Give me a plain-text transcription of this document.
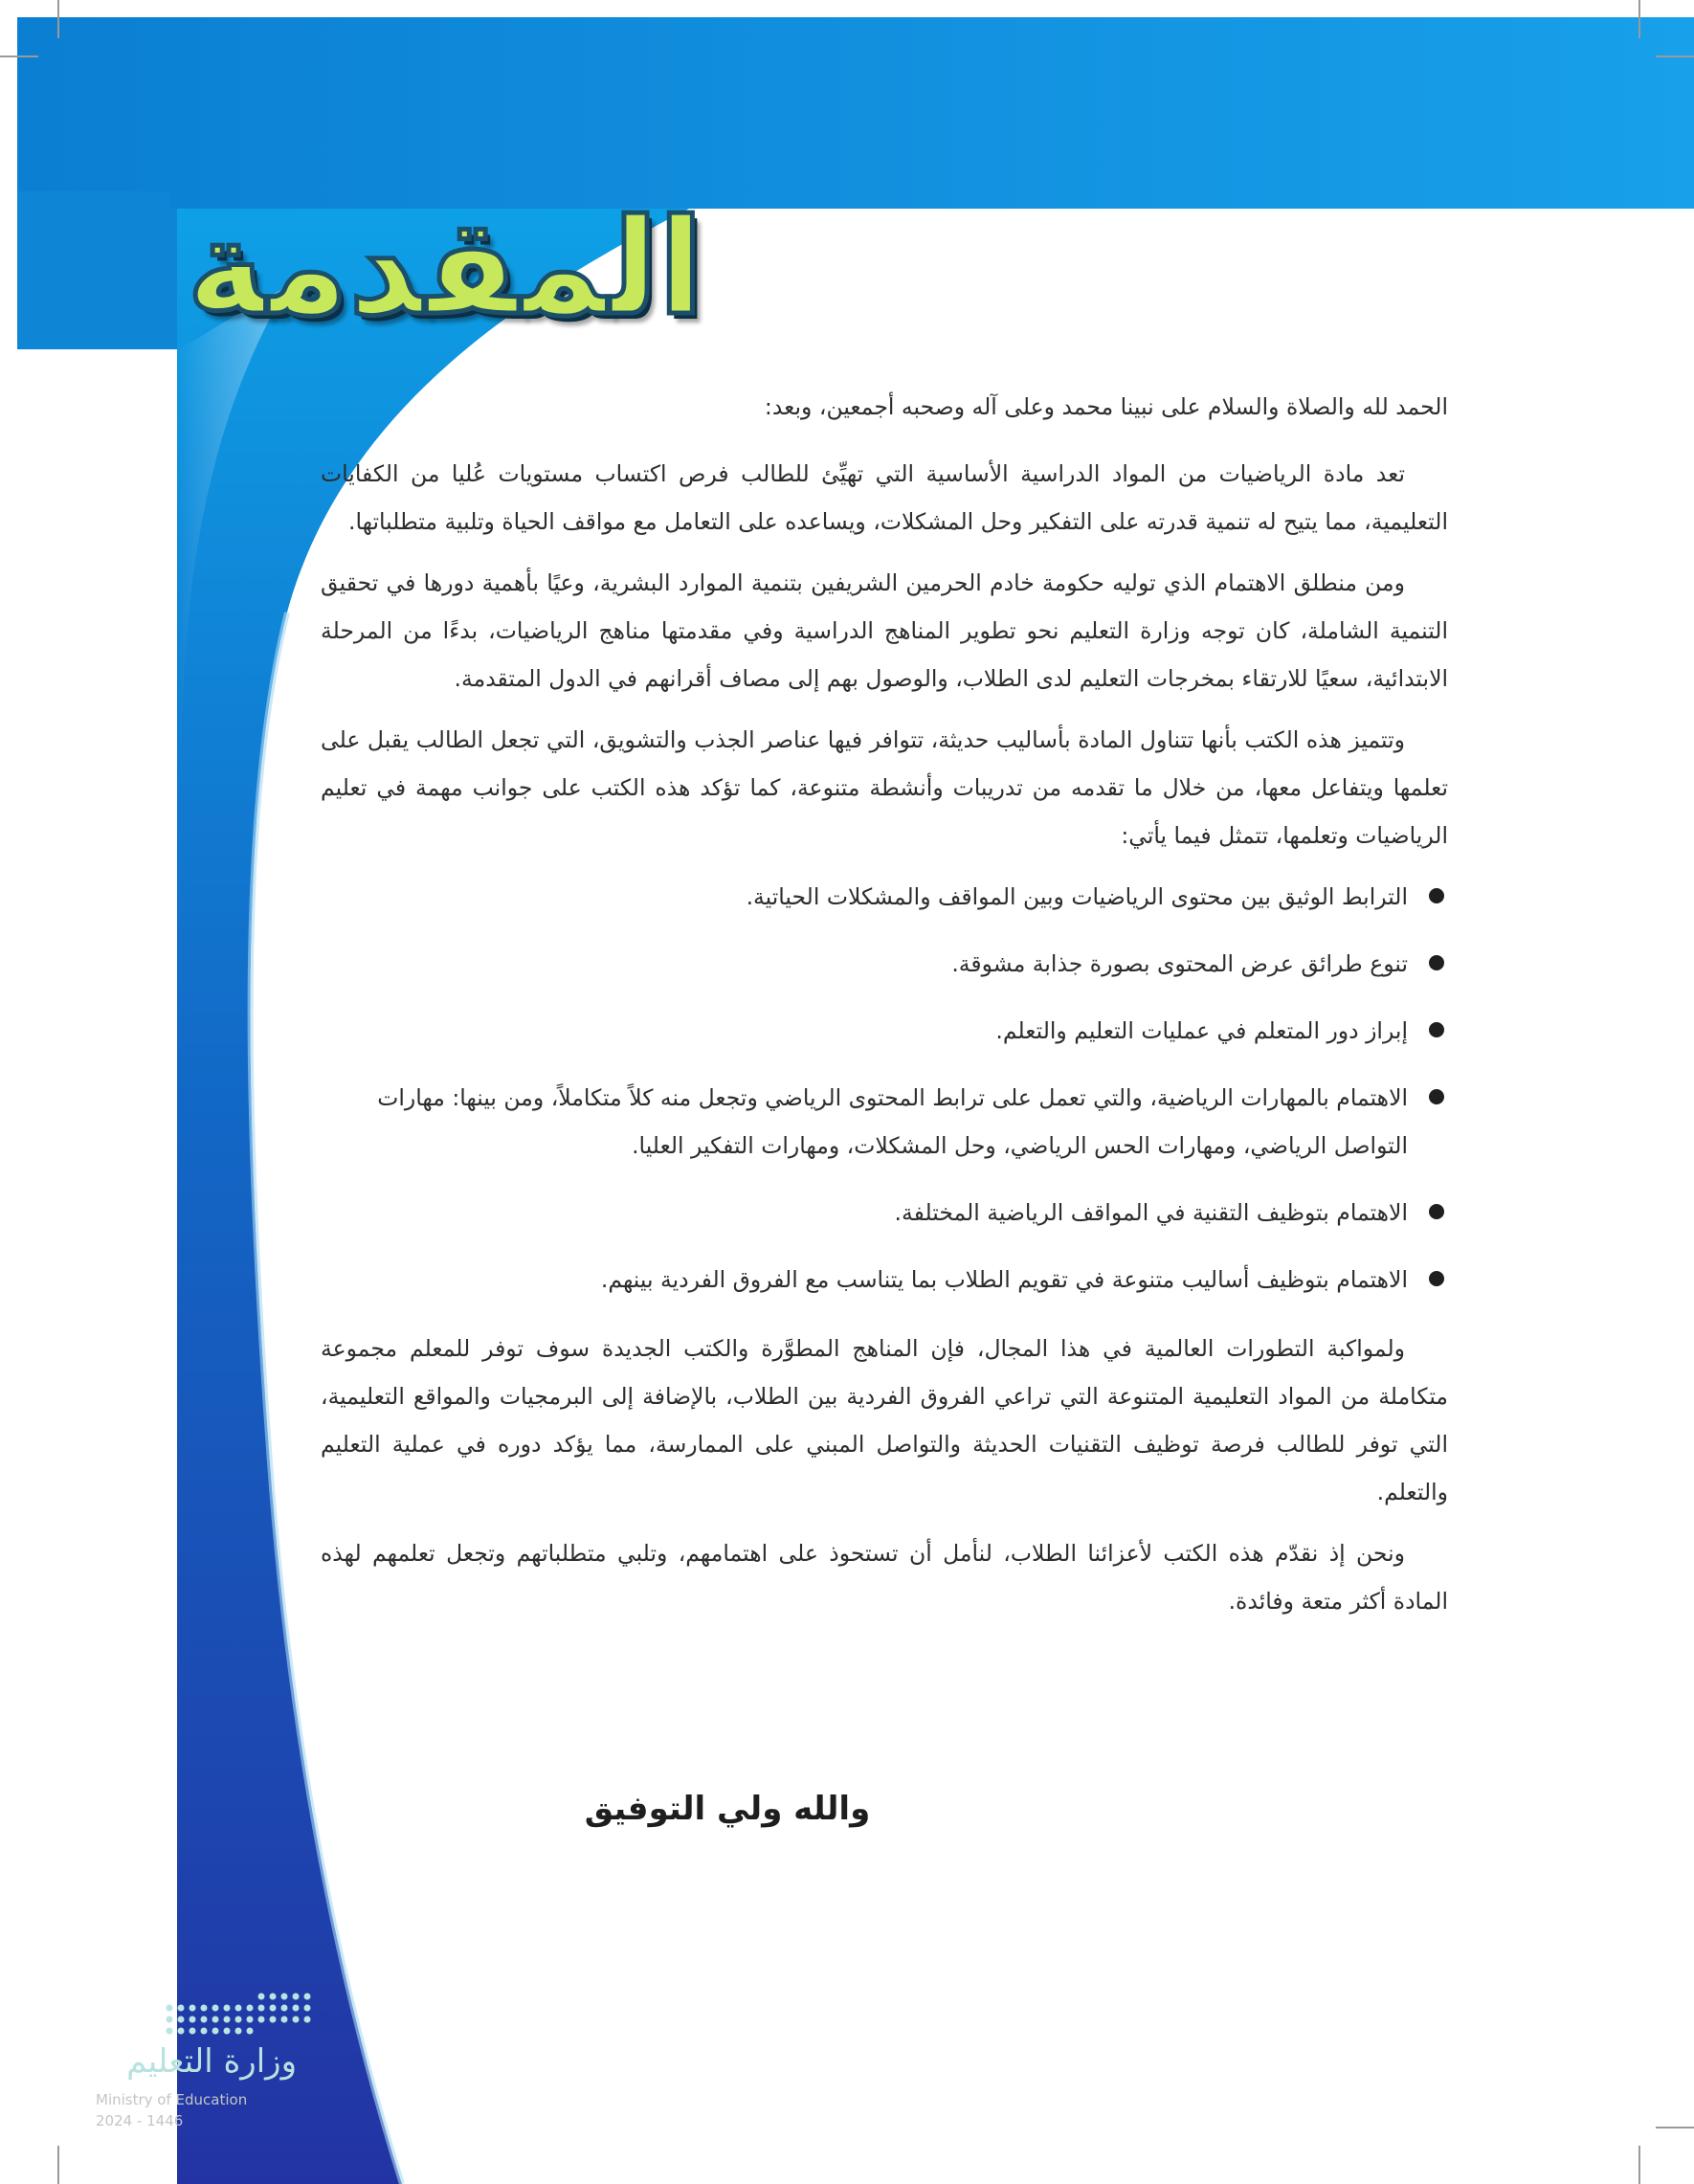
المقدمة

الحمد لله والصلاة والسلام على نبينا محمد وعلى آله وصحبه أجمعين، وبعد:

تعد مادة الرياضيات من المواد الدراسية الأساسية التي تهيِّئ للطالب فرص اكتساب مستويات عُليا من الكفايات التعليمية، مما يتيح له تنمية قدرته على التفكير وحل المشكلات، ويساعده على التعامل مع مواقف الحياة وتلبية متطلباتها.

ومن منطلق الاهتمام الذي توليه حكومة خادم الحرمين الشريفين بتنمية الموارد البشرية، وعيًا بأهمية دورها في تحقيق التنمية الشاملة، كان توجه وزارة التعليم نحو تطوير المناهج الدراسية وفي مقدمتها مناهج الرياضيات، بدءًا من المرحلة الابتدائية، سعيًا للارتقاء بمخرجات التعليم لدى الطلاب، والوصول بهم إلى مصاف أقرانهم في الدول المتقدمة.

وتتميز هذه الكتب بأنها تتناول المادة بأساليب حديثة، تتوافر فيها عناصر الجذب والتشويق، التي تجعل الطالب يقبل على تعلمها ويتفاعل معها، من خلال ما تقدمه من تدريبات وأنشطة متنوعة، كما تؤكد هذه الكتب على جوانب مهمة في تعليم الرياضيات وتعلمها، تتمثل فيما يأتي:

الترابط الوثيق بين محتوى الرياضيات وبين المواقف والمشكلات الحياتية.
تنوع طرائق عرض المحتوى بصورة جذابة مشوقة.
إبراز دور المتعلم في عمليات التعليم والتعلم.
الاهتمام بالمهارات الرياضية، والتي تعمل على ترابط المحتوى الرياضي وتجعل منه كلاً متكاملاً، ومن بينها: مهارات التواصل الرياضي، ومهارات الحس الرياضي، وحل المشكلات، ومهارات التفكير العليا.
الاهتمام بتوظيف التقنية في المواقف الرياضية المختلفة.
الاهتمام بتوظيف أساليب متنوعة في تقويم الطلاب بما يتناسب مع الفروق الفردية بينهم.

ولمواكبة التطورات العالمية في هذا المجال، فإن المناهج المطوَّرة والكتب الجديدة سوف توفر للمعلم مجموعة متكاملة من المواد التعليمية المتنوعة التي تراعي الفروق الفردية بين الطلاب، بالإضافة إلى البرمجيات والمواقع التعليمية، التي توفر للطالب فرصة توظيف التقنيات الحديثة والتواصل المبني على الممارسة، مما يؤكد دوره في عملية التعليم والتعلم.

ونحن إذ نقدّم هذه الكتب لأعزائنا الطلاب، لنأمل أن تستحوذ على اهتمامهم، وتلبي متطلباتهم وتجعل تعلمهم لهذه المادة أكثر متعة وفائدة.

والله ولي التوفيق
وزارة التعليم
Ministry of Education
2024 - 1446
